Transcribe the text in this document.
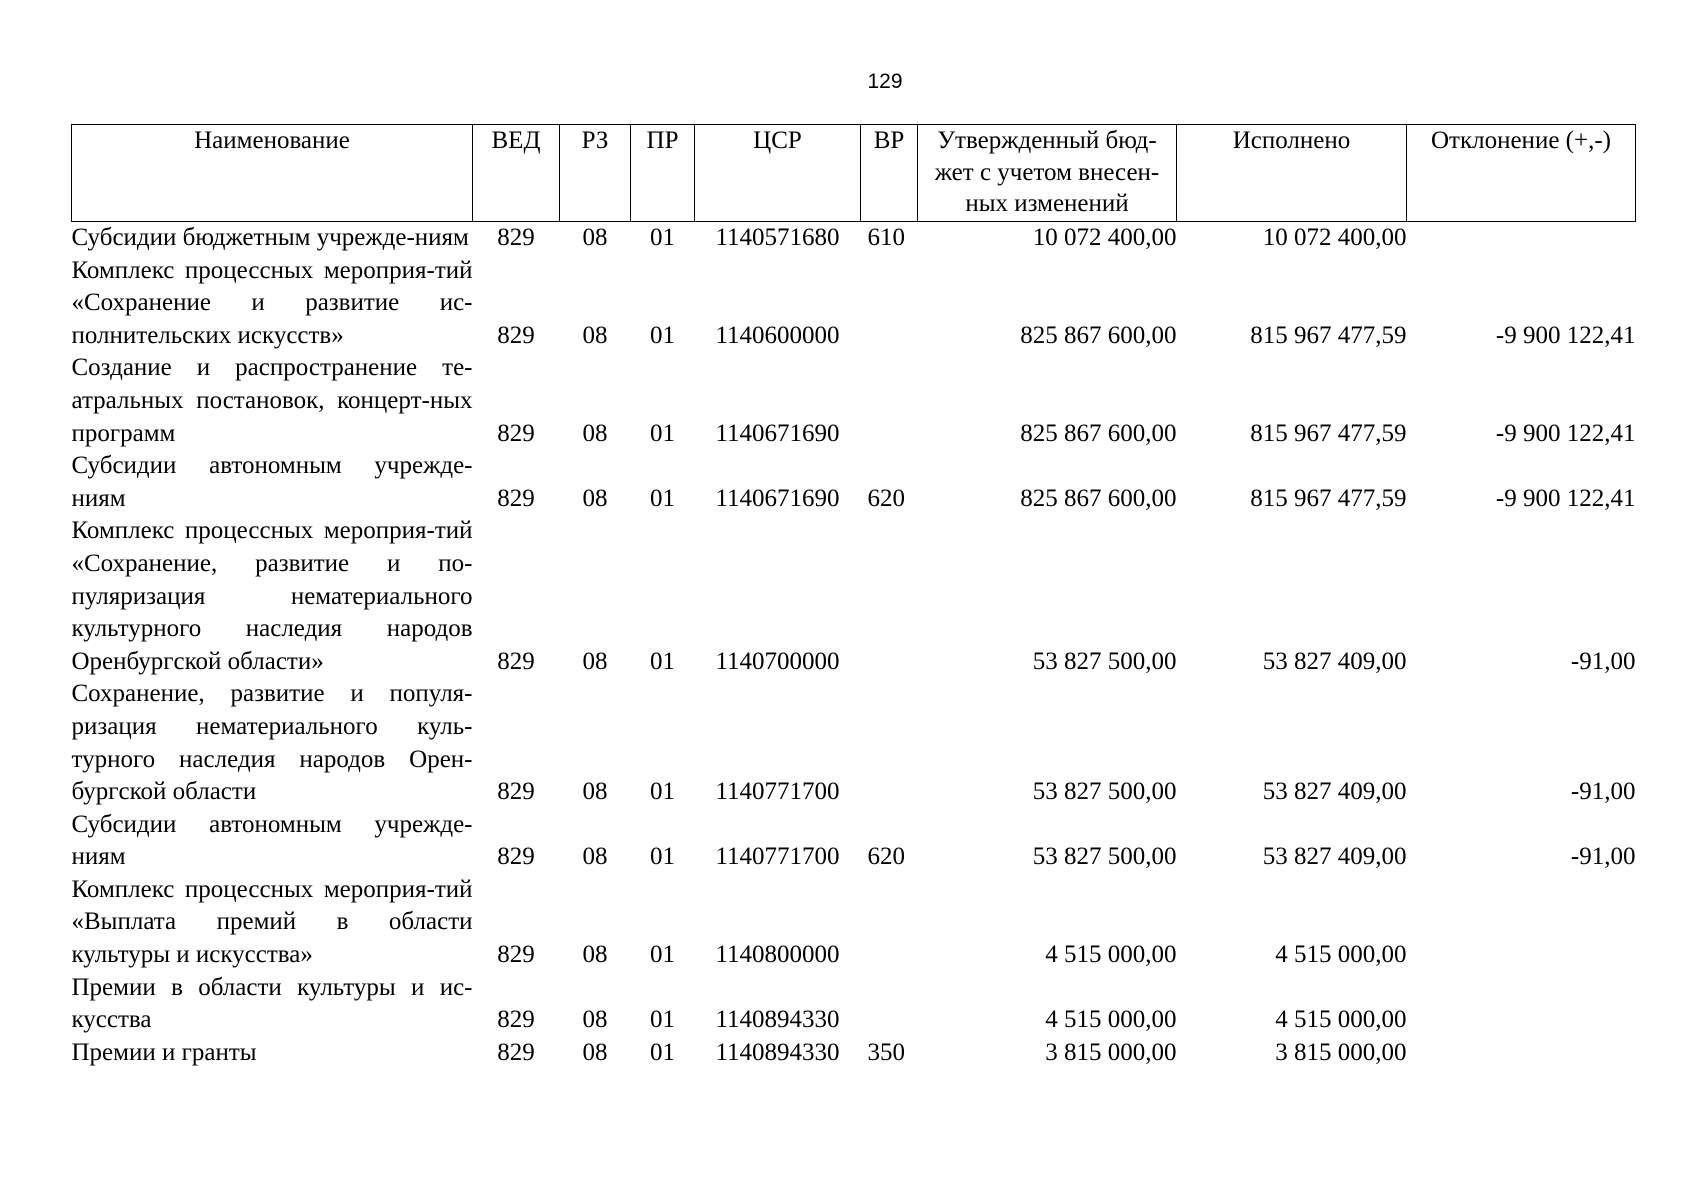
129
Наименование	ВЕД	РЗ	ПР	ЦСР	ВР	Утвержденный бюд-жет с учетом внесен-ных изменений	Исполнено	Отклонение (+,-)
Субсидии бюджетным учрежде-ниям	829	08	01	1140571680	610	10 072 400,00	10 072 400,00	
Комплекс процессных мероприя-тий «Сохранение и развитие ис-полнительских искусств»	829	08	01	1140600000		825 867 600,00	815 967 477,59	-9 900 122,41
Создание и распространение те-атральных постановок, концерт-ных программ	829	08	01	1140671690		825 867 600,00	815 967 477,59	-9 900 122,41
Субсидии автономным учрежде-ниям	829	08	01	1140671690	620	825 867 600,00	815 967 477,59	-9 900 122,41
Комплекс процессных мероприя-тий «Сохранение, развитие и по-пуляризация нематериального культурного наследия народов Оренбургской области»	829	08	01	1140700000		53 827 500,00	53 827 409,00	-91,00
Сохранение, развитие и популя-ризация нематериального куль-турного наследия народов Орен-бургской области	829	08	01	1140771700		53 827 500,00	53 827 409,00	-91,00
Субсидии автономным учрежде-ниям	829	08	01	1140771700	620	53 827 500,00	53 827 409,00	-91,00
Комплекс процессных мероприя-тий «Выплата премий в области культуры и искусства»	829	08	01	1140800000		4 515 000,00	4 515 000,00	
Премии в области культуры и ис-кусства	829	08	01	1140894330		4 515 000,00	4 515 000,00	
Премии и гранты	829	08	01	1140894330	350	3 815 000,00	3 815 000,00	
